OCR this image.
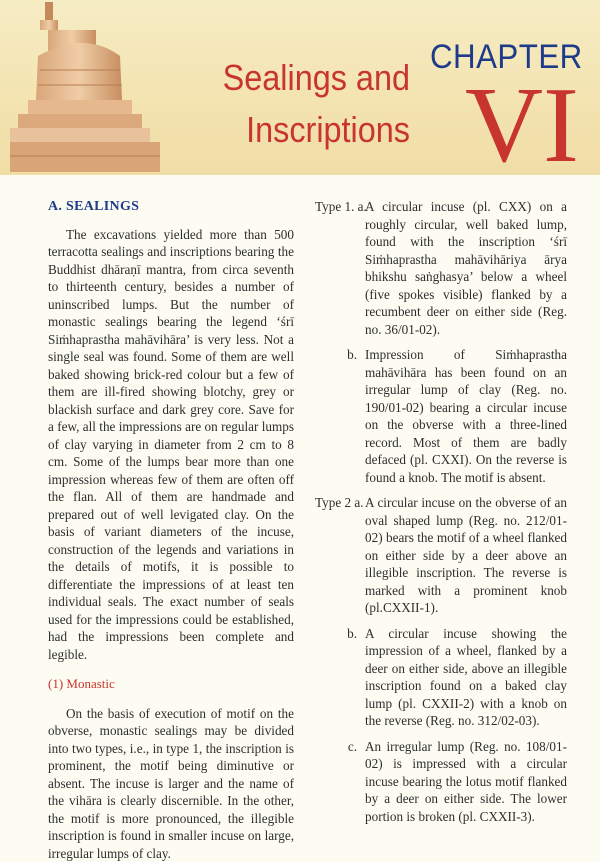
Sealings and
Inscriptions
CHAPTER
VI
A. SEALINGS

The excavations yielded more than 500 terracotta sealings and inscriptions bearing the Buddhist dhāraṇī mantra, from circa seventh to thirteenth century, besides a number of uninscribed lumps. But the number of monastic sealings bearing the legend ‘śrī Siṁhaprastha mahāvihāra’ is very less. Not a single seal was found. Some of them are well baked showing brick-red colour but a few of them are ill-fired showing blotchy, grey or blackish surface and dark grey core. Save for a few, all the impressions are on regular lumps of clay varying in diameter from 2 cm to 8 cm. Some of the lumps bear more than one impression whereas few of them are often off the flan. All of them are handmade and prepared out of well levigated clay. On the basis of variant diameters of the incuse, construction of the legends and variations in the details of motifs, it is possible to differentiate the impressions of at least ten individual seals. The exact number of seals used for the impressions could be established, had the impressions been complete and legible.

(1) Monastic

On the basis of execution of motif on the obverse, monastic sealings may be divided into two types, i.e., in type 1, the inscription is prominent, the motif being diminutive or absent. The incuse is larger and the name of the vihāra is clearly discernible. In the other, the motif is more pronounced, the illegible inscription is found in smaller incuse on large, irregular lumps of clay.

Type 1. a.
A circular incuse (pl. CXX) on a roughly circular, well baked lump, found with the inscription ‘śrī Siṁhaprastha mahāvihāriya ārya bhikshu saṅghasya’ below a wheel (five spokes visible) flanked by a recumbent deer on either side (Reg. no. 36/01-02).
b. Impression of Siṁhaprastha mahāvihāra has been found on an irregular lump of clay (Reg. no. 190/01-02) bearing a circular incuse on the obverse with a three-lined record. Most of them are badly defaced (pl. CXXI). On the reverse is found a knob. The motif is absent.
Type 2 a. A circular incuse on the obverse of an oval shaped lump (Reg. no. 212/01-02) bears the motif of a wheel flanked on either side by a deer above an illegible inscription. The reverse is marked with a prominent knob (pl.CXXII-1).
b. A circular incuse showing the impression of a wheel, flanked by a deer on either side, above an illegible inscription found on a baked clay lump (pl. CXXII-2) with a knob on the reverse (Reg. no. 312/02-03).
c. An irregular lump (Reg. no. 108/01-02) is impressed with a circular incuse bearing the lotus motif flanked by a deer on either side. The lower portion is broken (pl. CXXII-3).
